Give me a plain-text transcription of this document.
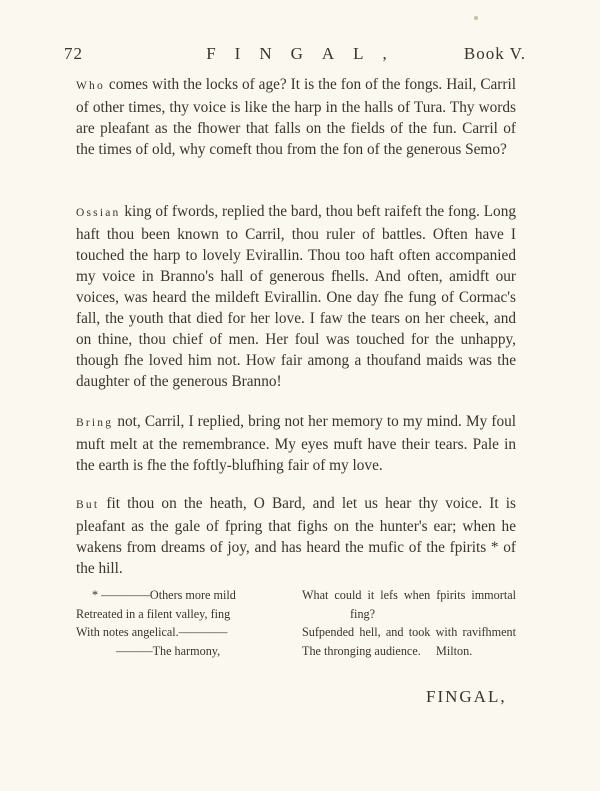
72	FINGAL,	Book V.

Who comes with the locks of age? It is the fon of the fongs. Hail, Carril of other times, thy voice is like the harp in the halls of Tura. Thy words are pleafant as the fhower that falls on the fields of the fun. Carril of the times of old, why comeft thou from the fon of the generous Semo?

Ossian king of fwords, replied the bard, thou beft raifeft the fong. Long haft thou been known to Carril, thou ruler of battles. Often have I touched the harp to lovely Evirallin. Thou too haft often accompanied my voice in Branno's hall of generous fhells. And often, amidft our voices, was heard the mildeft Evirallin. One day fhe fung of Cormac's fall, the youth that died for her love. I faw the tears on her cheek, and on thine, thou chief of men. Her foul was touched for the unhappy, though fhe loved him not. How fair among a thoufand maids was the daughter of the generous Branno!

Bring not, Carril, I replied, bring not her memory to my mind. My foul muft melt at the remembrance. My eyes muft have their tears. Pale in the earth is fhe the foftly-blufhing fair of my love.

But fit thou on the heath, O Bard, and let us hear thy voice. It is pleafant as the gale of fpring that fighs on the hunter's ear; when he wakens from dreams of joy, and has heard the mufic of the fpirits * of the hill.

* ————Others more mild
Retreated in a filent valley, fing
With notes angelical.————
———The harmony,
What could it lefs when fpirits immortal
fing?
Sufpended hell, and took with ravifhment
The thronging audience.     Milton.
FINGAL,
